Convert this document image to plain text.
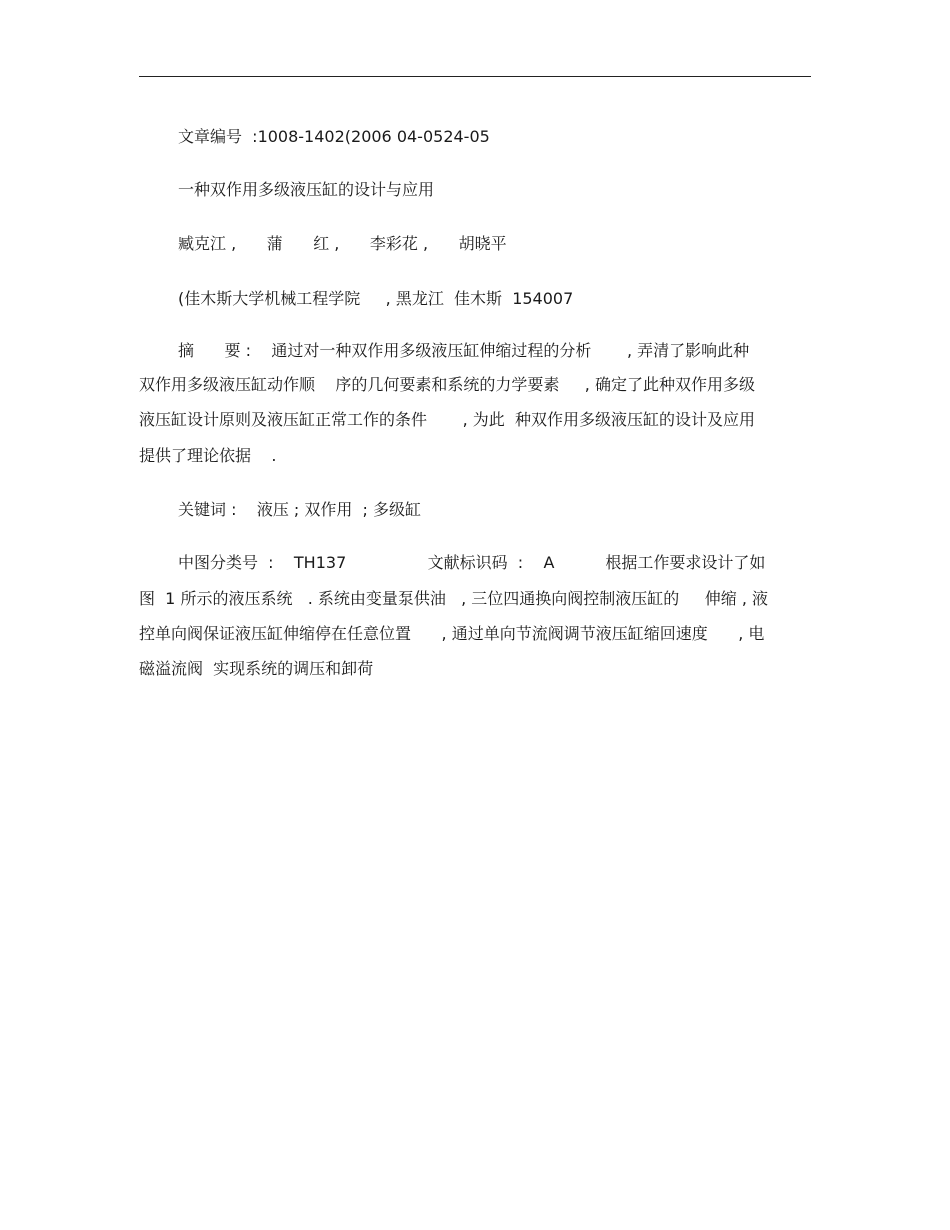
文章编号  :1008-1402(2006 04-0524-05
一种双作用多级液压缸的设计与应用
臧克江 ,      蒲      红 ,      李彩花 ,      胡晓平
(佳木斯大学机械工程学院     , 黑龙江  佳木斯  154007
摘      要 :    通过对一种双作用多级液压缸伸缩过程的分析       , 弄清了影响此种
双作用多级液压缸动作顺    序的几何要素和系统的力学要素     , 确定了此种双作用多级
液压缸设计原则及液压缸正常工作的条件       , 为此  种双作用多级液压缸的设计及应用
提供了理论依据    .
关键词 :    液压 ; 双作用  ; 多级缸
中图分类号  :    TH137                文献标识码  :    A          根据工作要求设计了如
图  1 所示的液压系统   . 系统由变量泵供油   , 三位四通换向阀控制液压缸的     伸缩 , 液
控单向阀保证液压缸伸缩停在任意位置      , 通过单向节流阀调节液压缸缩回速度      , 电
磁溢流阀  实现系统的调压和卸荷
